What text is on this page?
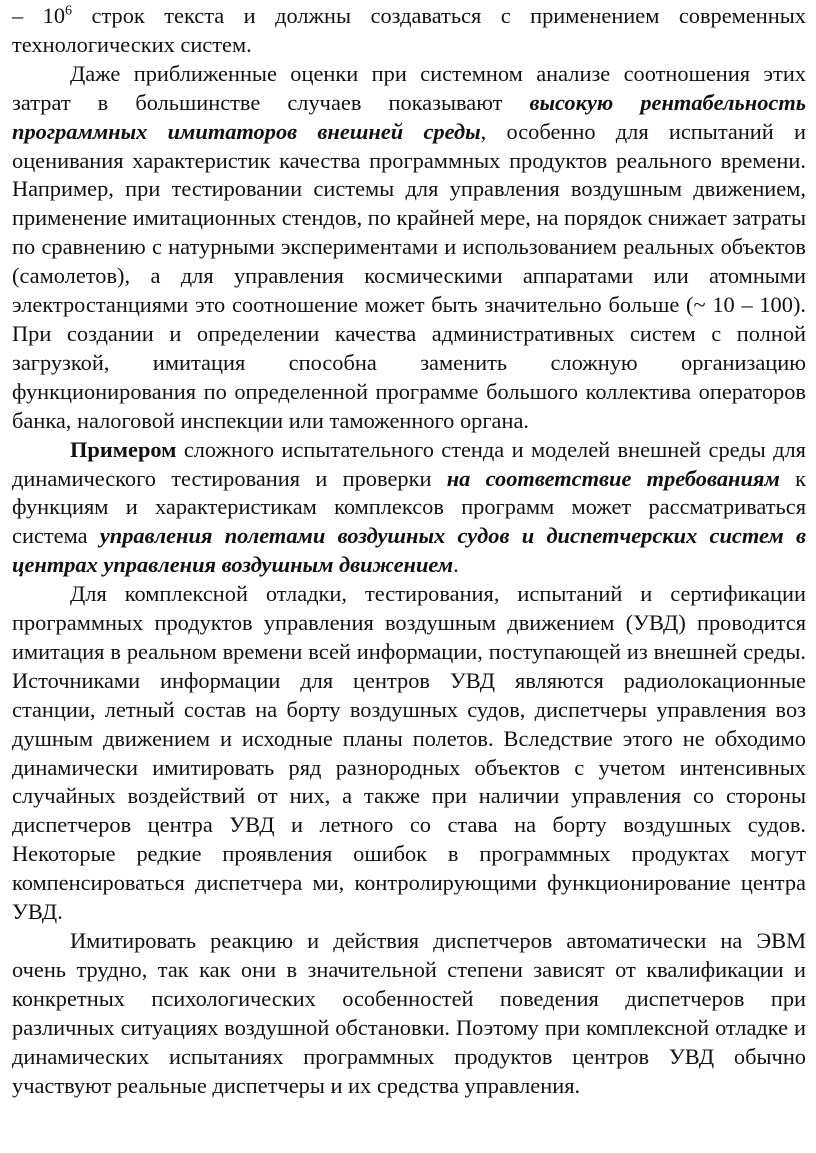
– $10^6$ строк текста и должны создаваться с применением современных технологических систем.

Даже приближенные оценки при системном анализе соотношения этих затрат в большинстве случаев показывают высокую рентабельность программных имитаторов внешней среды, особенно для испытаний и оценивания характеристик качества программных продуктов реального времени. Например, при тестировании системы для управления воздушным движением, применение имитационных стендов, по крайней мере, на порядок снижает затраты по сравнению с натурными экспериментами и использованием реальных объектов (самолетов), а для управления космическими аппаратами или атомными электростанциями это соотношение может быть значительно больше (~ 10 – 100). При создании и определении качества административных систем с полной загрузкой, имитация способна заменить сложную организацию функционирования по определенной программе большого коллектива операторов банка, налоговой инспекции или таможенного органа.

Примером сложного испытательного стенда и моделей внешней среды для динамического тестирования и проверки на соответствие требованиям к функциям и характеристикам комплексов программ может рассматриваться система управления полетами воздушных судов и диспетчерских систем в центрах управления воздушным движением.

Для комплексной отладки, тестирования, испытаний и сертификации программных продуктов управления воздушным движением (УВД) проводится имитация в реальном времени всей информации, поступающей из внешней среды. Источниками информации для центров УВД являются радиолокационные станции, летный состав на борту воздушных судов, диспетчеры управления воз душным движением и исходные планы полетов. Вследствие этого не обходимо динамически имитировать ряд разнородных объектов с учетом интенсивных случайных воздействий от них, а также при наличии управления со стороны диспетчеров центра УВД и летного со става на борту воздушных судов. Некоторые редкие проявления ошибок в программных продуктах могут компенсироваться диспетчера ми, контролирующими функционирование центра УВД.

Имитировать реакцию и действия диспетчеров автоматически на ЭВМ очень трудно, так как они в значительной степени зависят от квалификации и конкретных психологических особенностей поведения диспетчеров при различных ситуациях воздушной обстановки. Поэтому при комплексной отладке и динамических испытаниях программных продуктов центров УВД обычно участвуют реальные диспетчеры и их средства управления.
